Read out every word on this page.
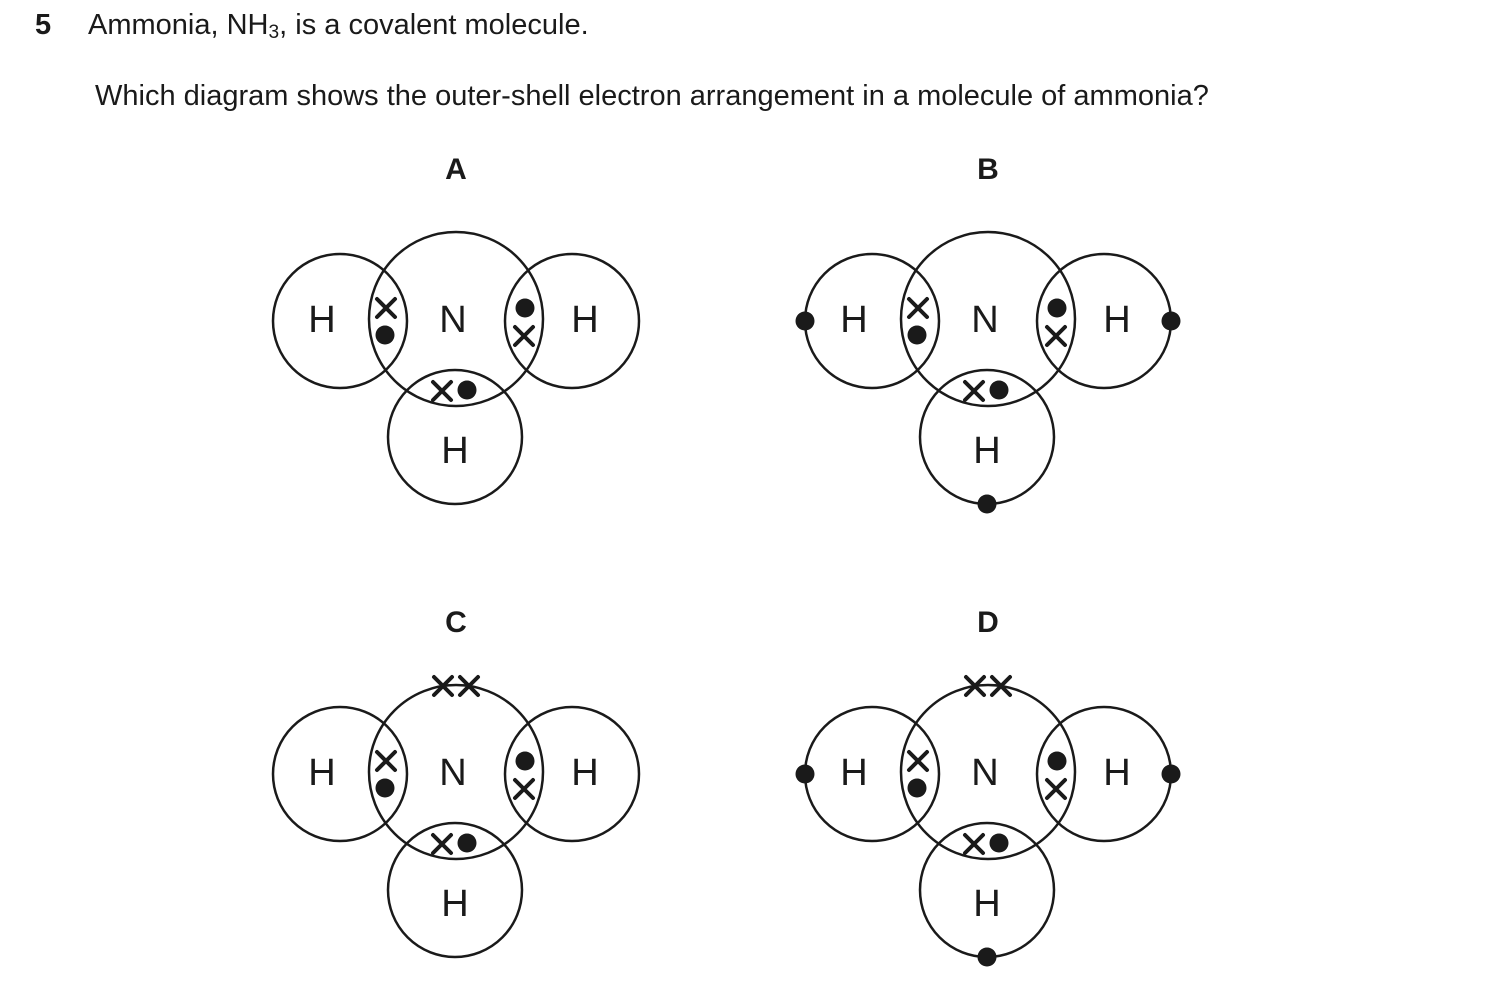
5 Ammonia, $NH_3$, is a covalent molecule.
Which diagram shows the outer-shell electron arrangement in a molecule of ammonia?
A
N
H	H
H
B
N
H	H
H
C
N
H	H
H
D
N
H	H
H
